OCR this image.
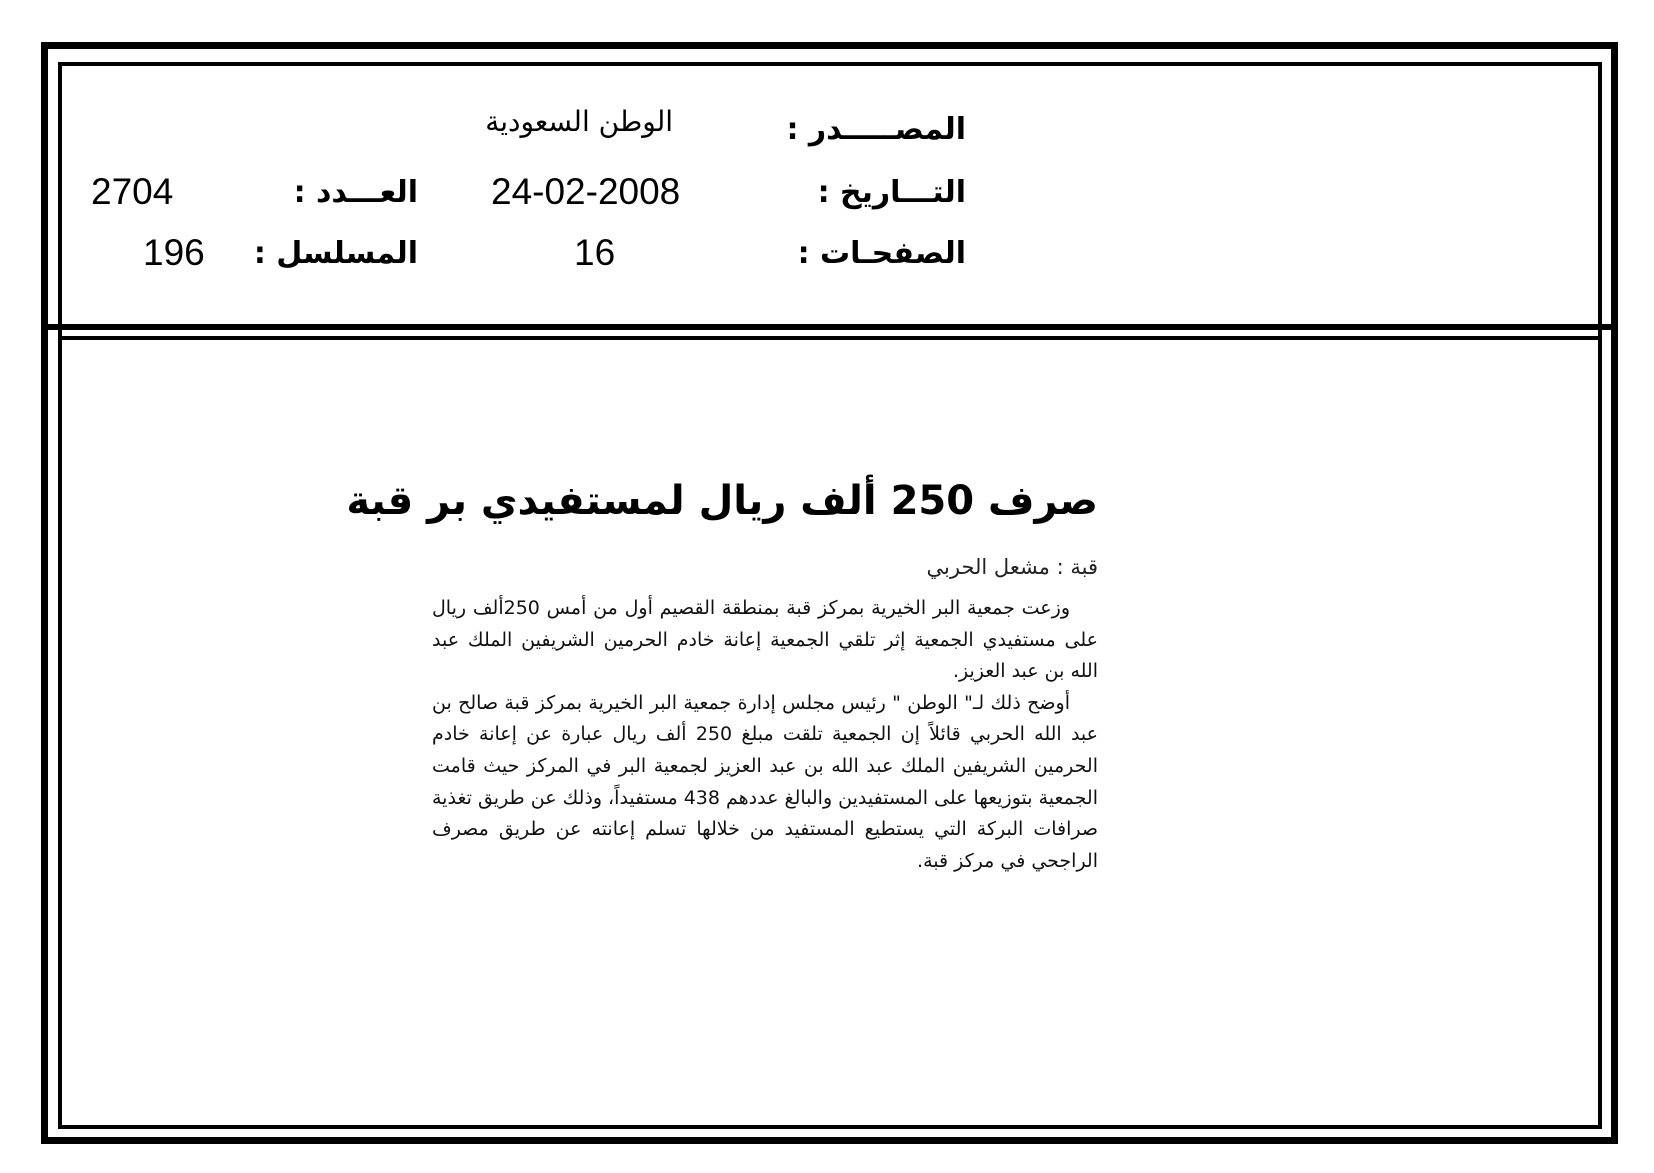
المصـــــدر :
الوطن السعودية
التـــاريخ :
24-02-2008
العـــدد :
2704
الصفحـات :
16
المسلسل :
196
صرف 250 ألف ريال لمستفيدي بر قبة
قبة : مشعل الحربي

وزعت جمعية البر الخيرية بمركز قبة بمنطقة القصيم أول من أمس 250ألف ريال على مستفيدي الجمعية إثر تلقي الجمعية إعانة خادم الحرمين الشريفين الملك عبد الله بن عبد العزيز.

أوضح ذلك لـ" الوطن " رئيس مجلس إدارة جمعية البر الخيرية بمركز قبة صالح بن عبد الله الحربي قائلاً إن الجمعية تلقت مبلغ 250 ألف ريال عبارة عن إعانة خادم الحرمين الشريفين الملك عبد الله بن عبد العزيز لجمعية البر في المركز حيث قامت الجمعية بتوزيعها على المستفيدين والبالغ عددهم 438 مستفيداً، وذلك عن طريق تغذية صرافات البركة التي يستطيع المستفيد من خلالها تسلم إعانته عن طريق مصرف الراجحي في مركز قبة.
